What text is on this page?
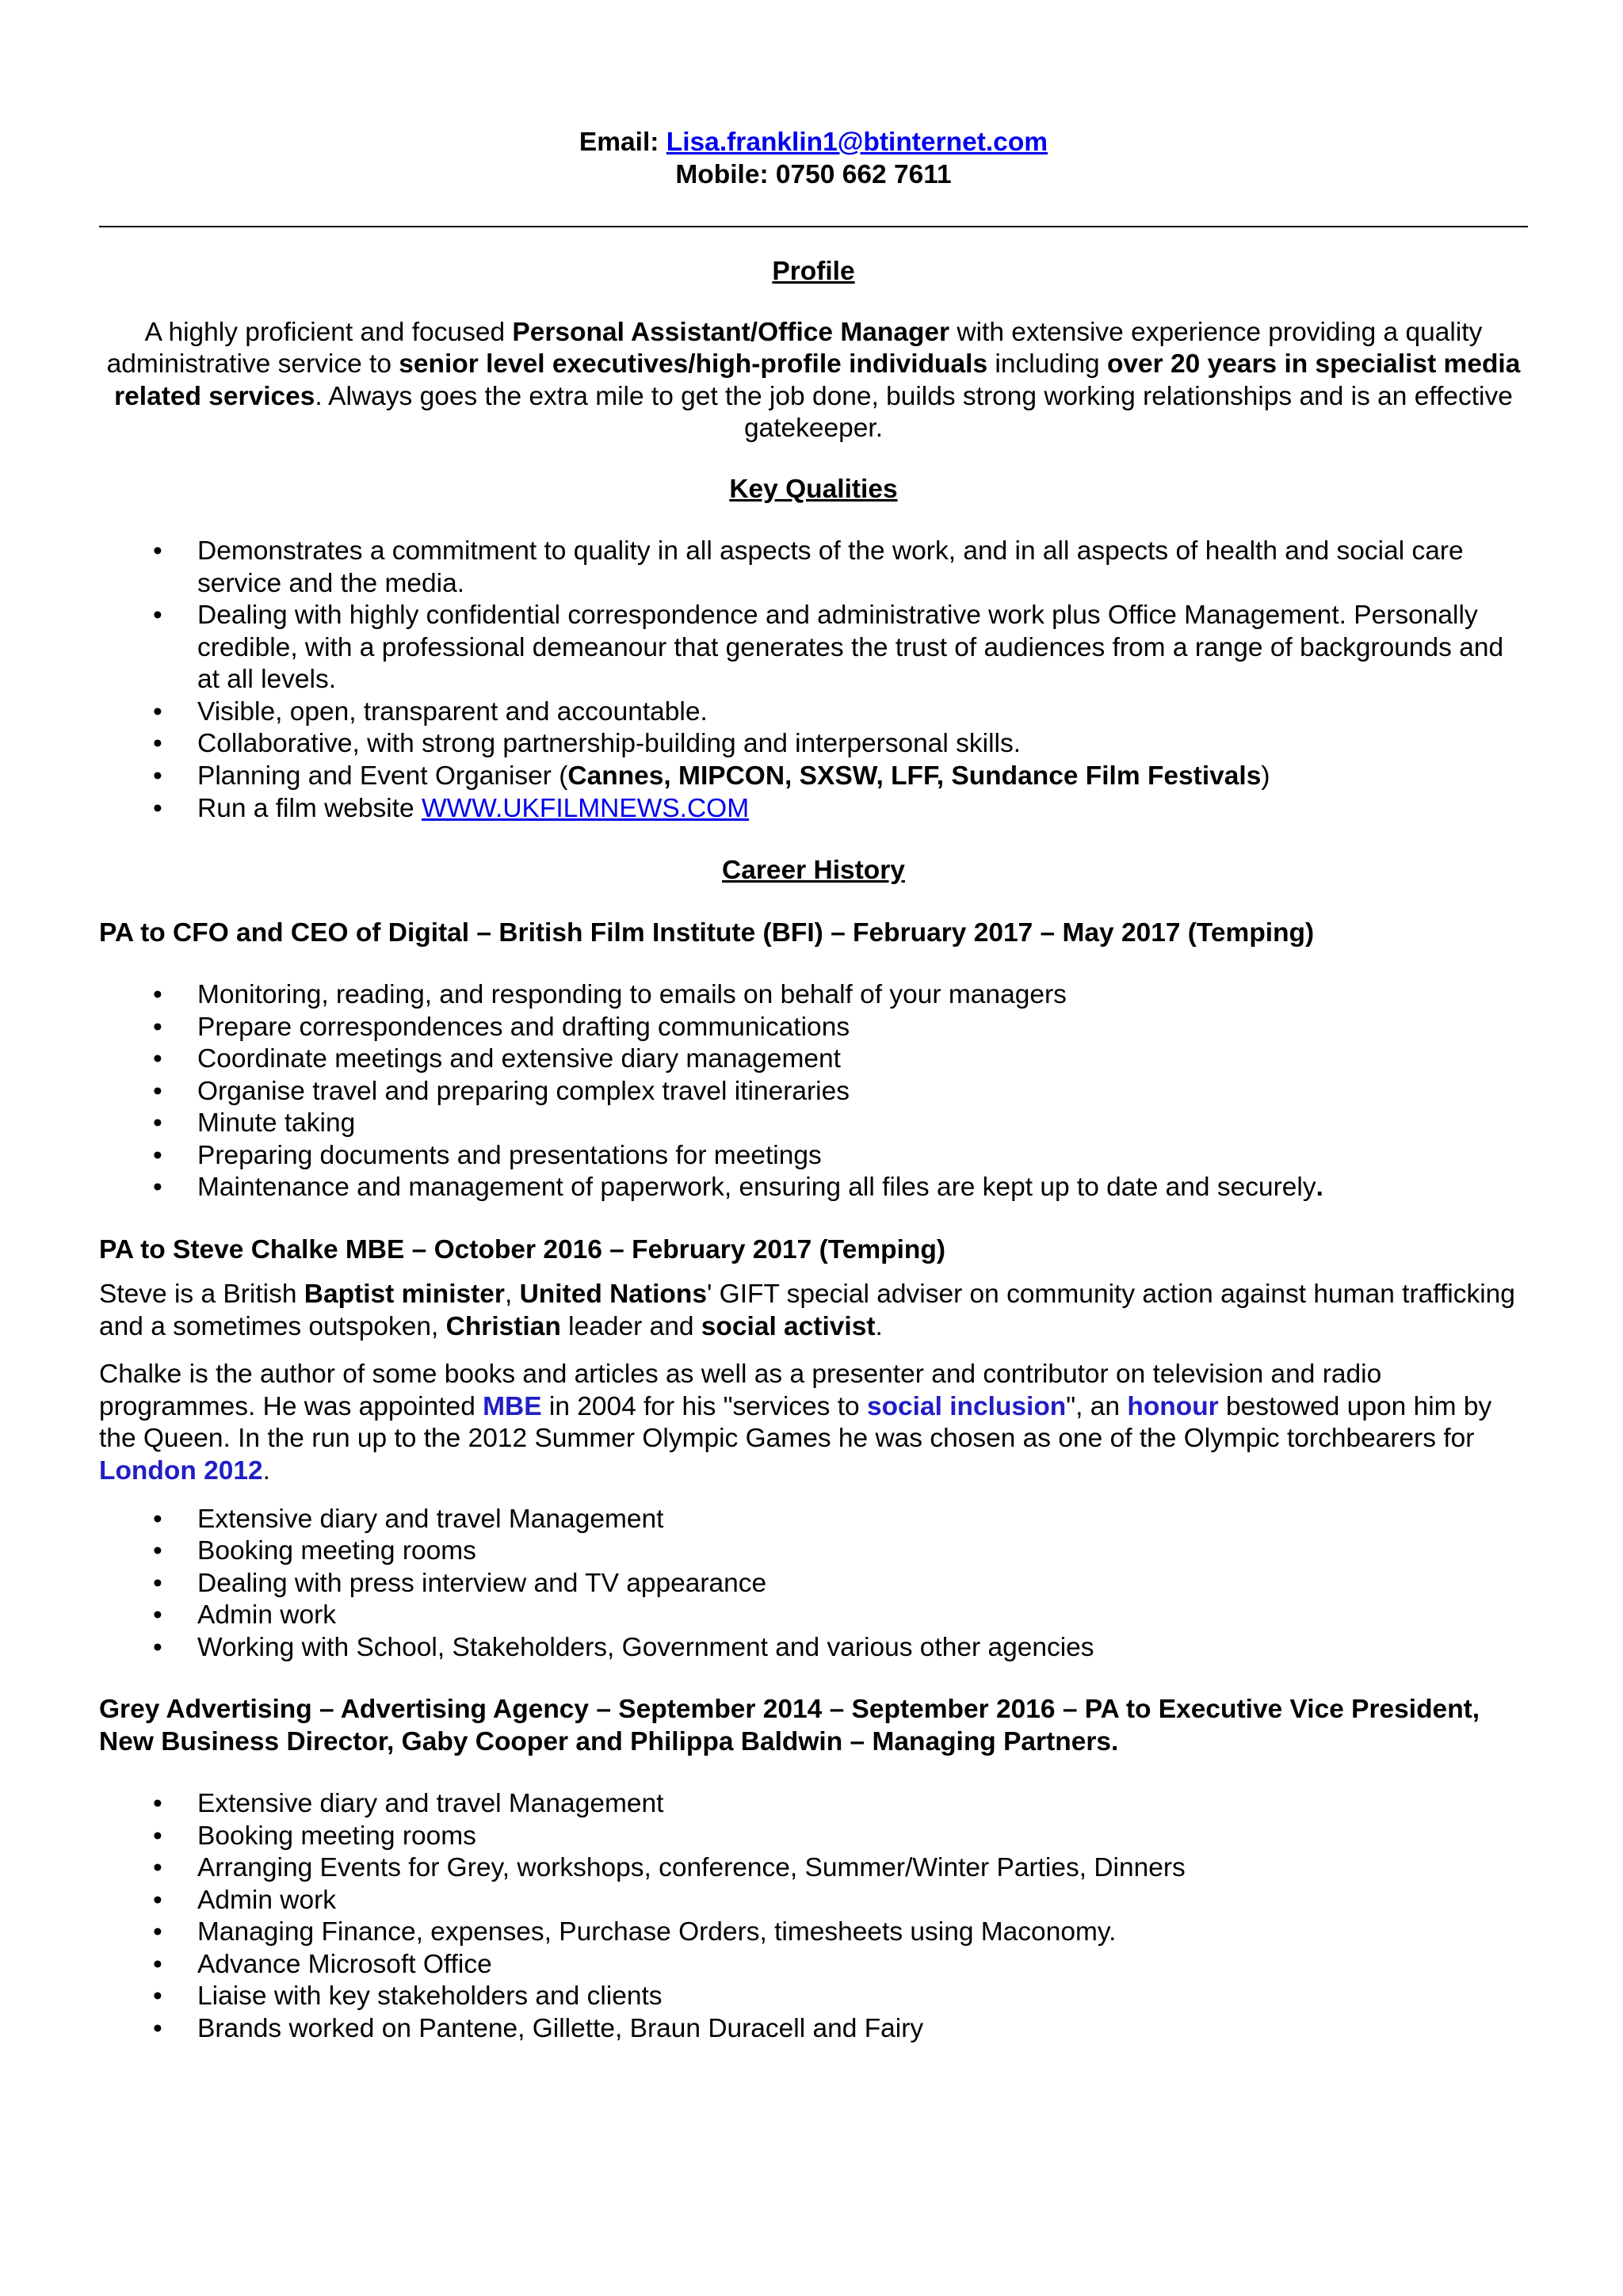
Email: Lisa.franklin1@btinternet.com

Mobile: 0750 662 7611

Profile

A highly proficient and focused Personal Assistant/Office Manager with extensive experience providing a quality administrative service to senior level executives/high-profile individuals including over 20 years in specialist media related services. Always goes the extra mile to get the job done, builds strong working relationships and is an effective gatekeeper.

Key Qualities

• Demonstrates a commitment to quality in all aspects of the work, and in all aspects of health and social care service and the media.
• Dealing with highly confidential correspondence and administrative work plus Office Management. Personally credible, with a professional demeanour that generates the trust of audiences from a range of backgrounds and at all levels.
• Visible, open, transparent and accountable.
• Collaborative, with strong partnership-building and interpersonal skills.
• Planning and Event Organiser (Cannes, MIPCON, SXSW, LFF, Sundance Film Festivals)
• Run a film website WWW.UKFILMNEWS.COM

Career History

PA to CFO and CEO of Digital – British Film Institute (BFI) – February 2017 – May 2017 (Temping)

• Monitoring, reading, and responding to emails on behalf of your managers
• Prepare correspondences and drafting communications
• Coordinate meetings and extensive diary management
• Organise travel and preparing complex travel itineraries
• Minute taking
• Preparing documents and presentations for meetings
• Maintenance and management of paperwork, ensuring all files are kept up to date and securely.

PA to Steve Chalke MBE – October 2016 – February 2017 (Temping)

Steve is a British Baptist minister, United Nations' GIFT special adviser on community action against human trafficking and a sometimes outspoken, Christian leader and social activist.

Chalke is the author of some books and articles as well as a presenter and contributor on television and radio programmes. He was appointed MBE in 2004 for his "services to social inclusion", an honour bestowed upon him by the Queen. In the run up to the 2012 Summer Olympic Games he was chosen as one of the Olympic torchbearers for London 2012.

• Extensive diary and travel Management
• Booking meeting rooms
• Dealing with press interview and TV appearance
• Admin work
• Working with School, Stakeholders, Government and various other agencies

Grey Advertising – Advertising Agency – September 2014 – September 2016 – PA to Executive Vice President, New Business Director, Gaby Cooper and Philippa Baldwin – Managing Partners.

• Extensive diary and travel Management
• Booking meeting rooms
• Arranging Events for Grey, workshops, conference, Summer/Winter Parties, Dinners
• Admin work
• Managing Finance, expenses, Purchase Orders, timesheets using Maconomy.
• Advance Microsoft Office
• Liaise with key stakeholders and clients
• Brands worked on Pantene, Gillette, Braun Duracell and Fairy
